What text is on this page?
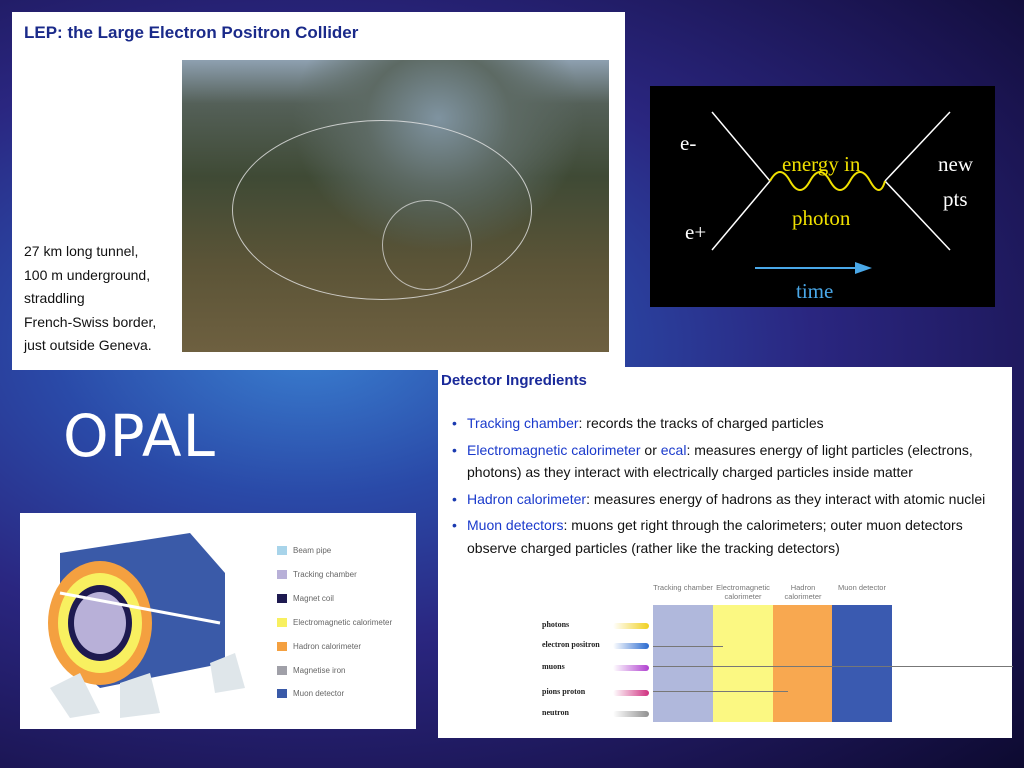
LEP: the Large Electron Positron Collider
27 km long tunnel,
100 m underground,
straddling
French-Swiss border,
just outside Geneva.
e-
e+
energy in
photon
new
pts
time
OPAL
Beam pipe
Tracking chamber
Magnet coil
Electromagnetic calorimeter
Hadron calorimeter
Magnetise iron
Muon detector
Detector Ingredients
• Tracking chamber: records the tracks of charged particles
• Electromagnetic calorimeter or ecal: measures energy of light particles (electrons, photons) as they interact with electrically charged particles inside matter
• Hadron calorimeter: measures energy of hadrons as they interact with atomic nuclei
• Muon detectors: muons get right through the calorimeters; outer muon detectors observe charged particles (rather like the tracking detectors)
Tracking chamber Electromagnetic calorimeter
Hadron calorimeter
Muon detector
photons
electron positron
muons
pions proton
neutron
